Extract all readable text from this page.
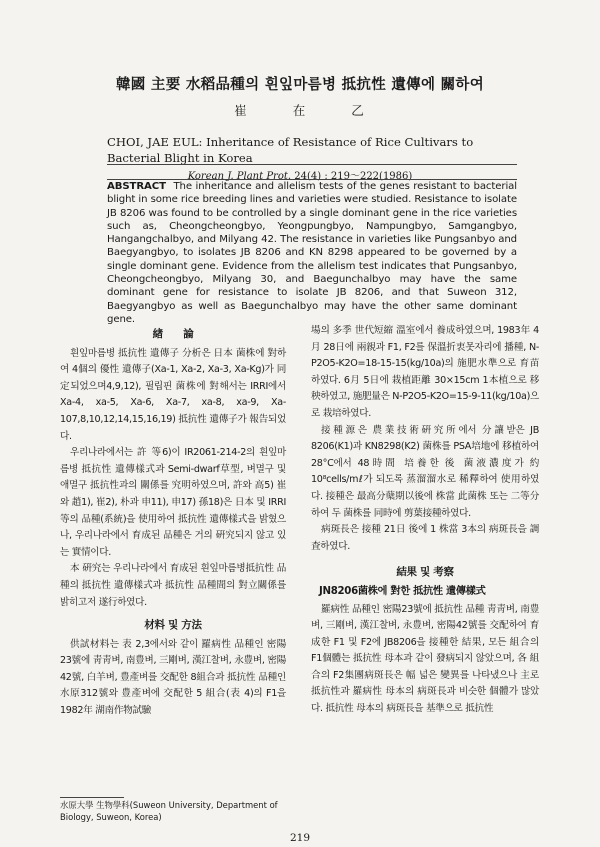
韓國 主要 水稻品種의 흰잎마름병 抵抗性 遺傳에 關하여
崔 在 乙
CHOI, JAE EUL: Inheritance of Resistance of Rice Cultivars to Bacterial Blight in Korea
Korean J. Plant Prot. 24(4) : 219〜222(1986)
ABSTRACT The inheritance and allelism tests of the genes resistant to bacterial blight in some rice breeding lines and varieties were studied. Resistance to isolate JB 8206 was found to be controlled by a single dominant gene in the rice varieties such as, Cheongcheongbyo, Yeongpungbyo, Nampungbyo, Samgangbyo, Hangangchalbyo, and Milyang 42. The resistance in varieties like Pungsanbyo and Baegyangbyo, to isolates JB 8206 and KN 8298 appeared to be governed by a single dominant gene. Evidence from the allelism test indicates that Pungsanbyo, Cheongcheongbyo, Milyang 30, and Baegunchalbyo may have the same dominant gene for resistance to isolate JB 8206, and that Suweon 312, Baegyangbyo as well as Baegunchalbyo may have the other same dominant gene.
緖　　論

흰잎마름병 抵抗性 遺傳子 分析은 日本 菌株에 對하여 4個의 優性 遺傳子(Xa-1, Xa-2, Xa-3, Xa-Kg)가 同定되었으며4,9,12), 필립핀 菌株에 對해서는 IRRI에서 Xa-4, xa-5, Xa-6, Xa-7, xa-8, xa-9, Xa-107,8,10,12,14,15,16,19) 抵抗性 遺傳子가 報告되었다.

우리나라에서는 許 等6)이 IR2061-214-2의 흰잎마름병 抵抗性 遺傳樣式과 Semi-dwarf草型, 벼멸구 및 애멸구 抵抗性과의 關係를 究明하였으며, 許와 高5) 崔와 趙1), 崔2), 朴과 申11), 申17) 孫18)은 日本 및 IRRI 等의 品種(系統)을 使用하여 抵抗性 遺傳樣式을 밝혔으나, 우리나라에서 育成된 品種은 거의 硏究되지 않고 있는 實情이다.

本 硏究는 우리나라에서 育成된 흰잎마름병抵抗性 品種의 抵抗性 遺傳樣式과 抵抗性 品種間의 對立關係를 밝히고저 遂行하였다.

材料 및 方法

供試材料는 表 2,3에서와 같이 羅病性 品種인 密陽23號에 靑靑벼, 南豊벼, 三剛벼, 漢江찰벼, 永豊벼, 密陽42號, 白羊벼, 豊產벼를 交配한 8組合과 抵抗性 品種인 水原312號와 豊產벼에 交配한 5 組合(表 4)의 F1을 1982年 湖南作物試驗

場의 多季 世代短縮 溫室에서 養成하였으며, 1983年 4月 28日에 兩親과 F1, F2를 保溫折衷못자리에 播種, N-P2O5-K2O=18-15-15(kg/10a)의 施肥水準으로 育苗하였다. 6月 5日에 栽植距離 30×15cm 1本植으로 移秧하였고, 施肥量은 N-P2O5-K2O=15-9-11(kg/10a)으로 栽培하였다.

接種源은 農業技術硏究所에서 分讓받은 JB 8206(K1)과 KN8298(K2) 菌株를 PSA培地에 移植하여 28°C에서 48時間 培養한 後 菌液濃度가 約 10⁸cells/mℓ가 되도록 蒸溜溜水로 稀釋하여 使用하였다. 接種은 最高分蘖期以後에 株當 此菌株 또는 二等分하여 두 菌株를 同時에 剪葉接種하였다.

病斑長은 接種 21日 後에 1 株當 3本의 病斑長을 調査하였다.

結果 및 考察
JN8206菌株에 對한 抵抗性 遺傳樣式

羅病性 品種인 密陽23號에 抵抗性 品種 靑靑벼, 南豊벼, 三剛벼, 漢江찰벼, 永豊벼, 密陽42號를 交配하여 育成한 F1 및 F2에 JB8206을 接種한 結果, 모든 組合의 F1個體는 抵抗性 母本과 같이 發病되지 않았으며, 各 組合의 F2集團病斑長은 幅 넓은 變異를 나타냈으나 主로 抵抗性과 羅病性 母本의 病斑長과 비슷한 個體가 많았다. 抵抗性 母本의 病斑長을 基準으로 抵抗性

水原大學 生物學科(Suweon University, Department of Biology, Suweon, Korea)
219
